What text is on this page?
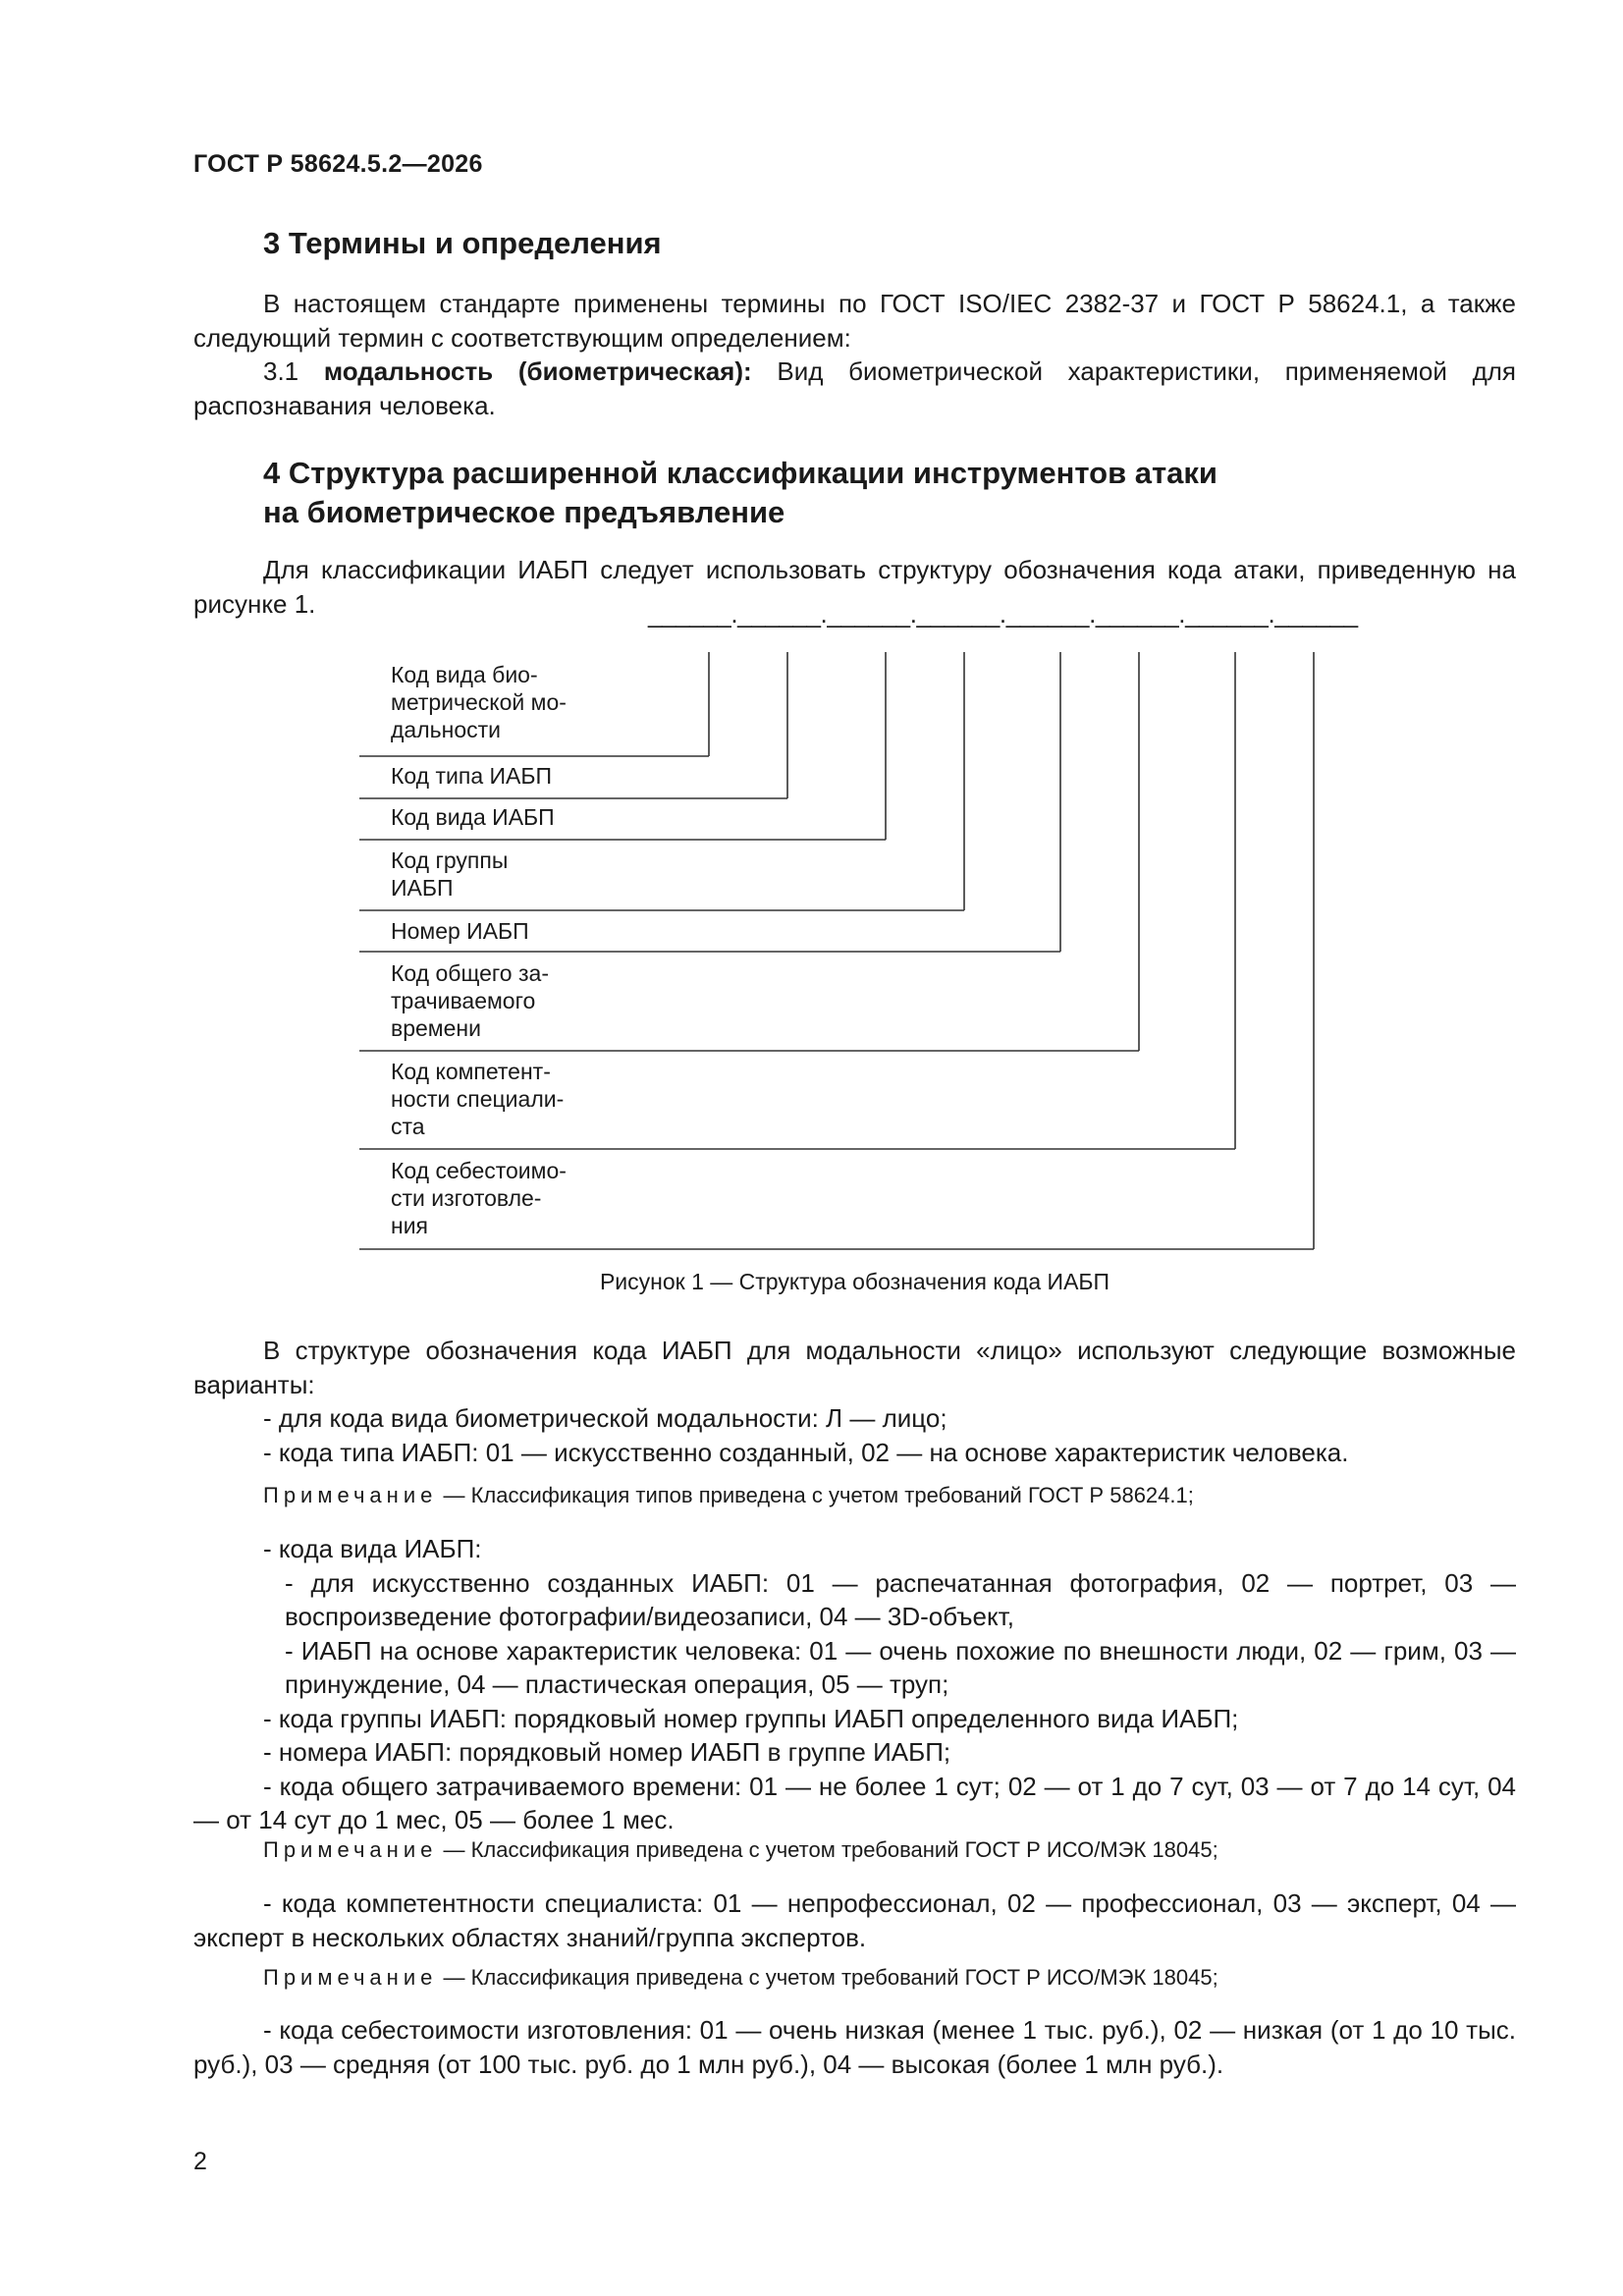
ГОСТ Р 58624.5.2—2026
3 Термины и определения
В настоящем стандарте применены термины по ГОСТ ISO/IEC 2382-37 и ГОСТ Р 58624.1, а также следующий термин с соответствующим определением:
3.1 модальность (биометрическая): Вид биометрической характеристики, применяемой для распознавания человека.
4 Структура расширенной классификации инструментов атаки
на биометрическое предъявление
Для классификации ИАБП следует использовать структуру обозначения кода атаки, приведенную на рисунке 1.	______.______.______.______.______.______.______.______
Код вида био-
метрической мо-
дальности
Код типа ИАБП
Код вида ИАБП
Код группы
ИАБП
Номер ИАБП
Код общего за-
трачиваемого
времени
Код компетент-
ности специали-
ста
Код себестоимо-
сти изготовле-
ния
Рисунок 1 — Структура обозначения кода ИАБП
В структуре обозначения кода ИАБП для модальности «лицо» используют следующие возможные варианты:
- для кода вида биометрической модальности: Л — лицо;
- кода типа ИАБП: 01 — искусственно созданный, 02 — на основе характеристик человека.
Примечание — Классификация типов приведена с учетом требований ГОСТ Р 58624.1;
- кода вида ИАБП:
- для искусственно созданных ИАБП: 01 — распечатанная фотография, 02 — портрет, 03 — воспроизведение фотографии/видеозаписи, 04 — 3D-объект,
- ИАБП на основе характеристик человека: 01 — очень похожие по внешности люди, 02 — грим, 03 — принуждение, 04 — пластическая операция, 05 — труп;
- кода группы ИАБП: порядковый номер группы ИАБП определенного вида ИАБП;
- номера ИАБП: порядковый номер ИАБП в группе ИАБП;
- кода общего затрачиваемого времени: 01 — не более 1 сут; 02 — от 1 до 7 сут, 03 — от 7 до 14 сут, 04 — от 14 сут до 1 мес, 05 — более 1 мес.
Примечание — Классификация приведена с учетом требований ГОСТ Р ИСО/МЭК 18045;
- кода компетентности специалиста: 01 — непрофессионал, 02 — профессионал, 03 — эксперт, 04 — эксперт в нескольких областях знаний/группа экспертов.
Примечание — Классификация приведена с учетом требований ГОСТ Р ИСО/МЭК 18045;
- кода себестоимости изготовления: 01 — очень низкая (менее 1 тыс. руб.), 02 — низкая (от 1 до 10 тыс. руб.), 03 — средняя (от 100 тыс. руб. до 1 млн руб.), 04 — высокая (более 1 млн руб.).
2
